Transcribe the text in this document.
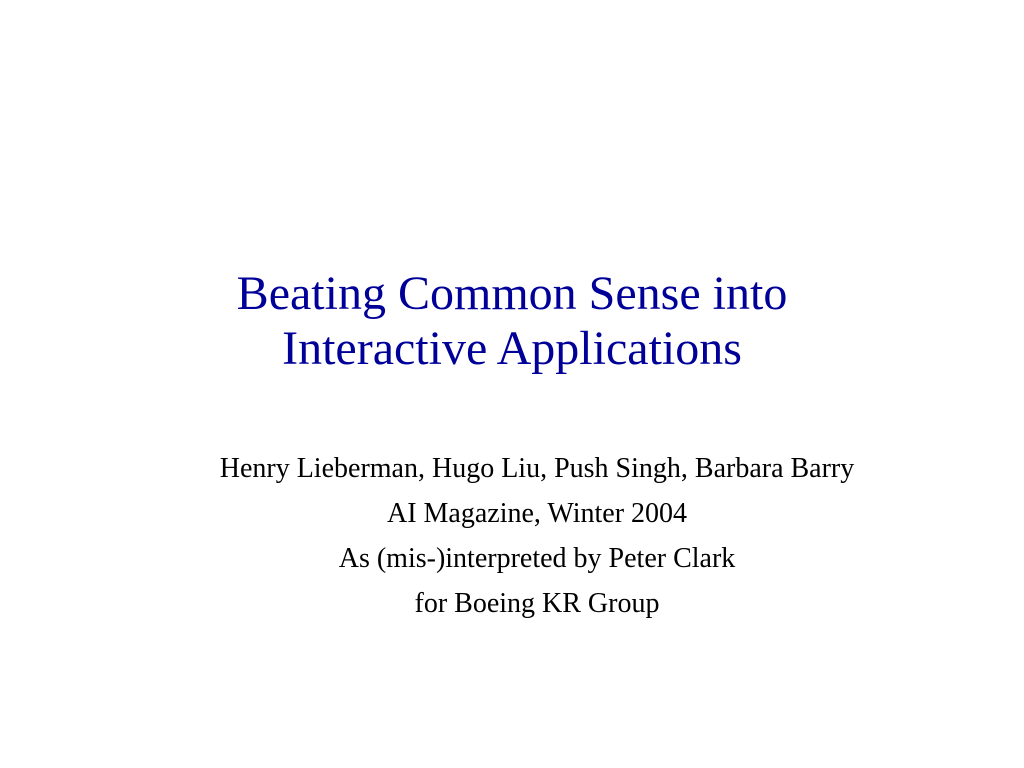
Beating Common Sense into
Interactive Applications
Henry Lieberman, Hugo Liu, Push Singh, Barbara Barry
AI Magazine, Winter 2004
As (mis-)interpreted by Peter Clark
for Boeing KR Group
